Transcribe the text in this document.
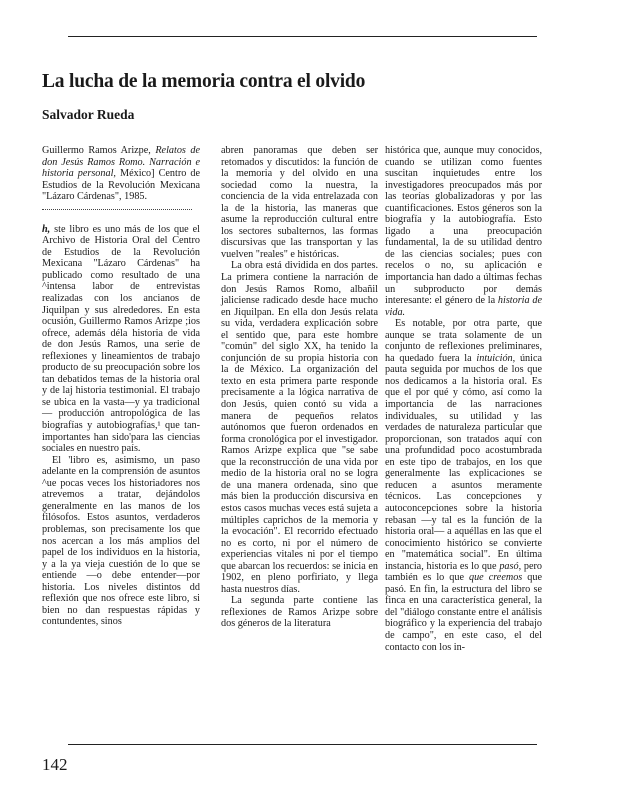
La lucha de la memoria contra el olvido
Salvador Rueda

Guillermo Ramos Arizpe, Relatos de don Jesús Ramos Romo. Narración e historia personal, México] Centro de Estudios de la Revolución Mexicana "Lázaro Cárdenas", 1985.

h, ste libro es uno más de los que el Archivo de Historia Oral del Centro de Estudios de la Revolución Mexicana "Lázaro Cárdenas" ha publicado como resultado de una ^intensa labor de entrevistas realizadas con los ancianos de Jiquilpan y sus alrededores. En esta ocusión, Guillermo Ramos Arizpe ;ios ofrece, además déla historia de vida de don Jesús Ramos, una serie de reflexiones y lineamientos de trabajo producto de su preocupación sobre los tan debatidos temas de la historia oral y de laj historia testimonial. El trabajo se ubica en la vasta—y ya tradicional— producción antropológica de las biografías y autobiografías,¹ que tan-importantes han sido'para las ciencias sociales en nuestro país.

El 'libro es, asimismo, un paso adelante en la comprensión de asuntos ^ue pocas veces los historiadores nos atrevemos a tratar, dejándolos generalmente en las manos de los filósofos. Estos asuntos, verdaderos problemas, son precisamente los que nos acercan a los más amplios del papel de los individuos en la historia, y a la ya vieja cuestión de lo que se entiende —o debe entender—por historia. Los niveles distintos dd reflexión que nos ofrece este libro, si bien no dan respuestas rápidas y contundentes, sinos

abren panoramas que deben ser retomados y discutidos: la función de la memoria y del olvido en una sociedad como la nuestra, la conciencia de la vida entrelazada con la de la historia, las maneras que asume la reproducción cultural entre los sectores subalternos, las formas discursivas que las transportan y las vuelven "reales" e históricas.

La obra está dividida en dos partes. La primera contiene la narración de don Jesús Ramos Romo, albañil jaliciense radicado desde hace mucho en Jiquilpan. En ella don Jesús relata su vida, verdadera explicación sobre el sentido que, para este hombre "común" del siglo XX, ha tenido la conjunción de su propia historia con la de México. La organización del texto en esta primera parte responde precisamente a la lógica narrativa de don Jesús, quien contó su vida a manera de pequeños relatos autónomos que fueron ordenados en forma cronológica por el investigador. Ramos Arizpe explica que "se sabe que la reconstrucción de una vida por medio de la historia oral no se logra de una manera ordenada, sino que más bien la producción discursiva en estos casos muchas veces está sujeta a múltiples caprichos de la memoria y la evocación". El recorrido efectuado no es corto, ni por el número de experiencias vitales ni por el tiempo que abarcan los recuerdos: se inicia en 1902, en pleno porfiriato, y llega hasta nuestros días.

La segunda parte contiene las reflexiones de Ramos Arizpe sobre dos géneros de la literatura

histórica que, aunque muy conocidos, cuando se utilizan como fuentes suscitan inquietudes entre los investigadores preocupados más por las teorías globalizadoras y por las cuantificaciones. Estos géneros son la biografía y la autobiografía. Esto ligado a una preocupación fundamental, la de su utilidad dentro de las ciencias sociales; pues con recelos o no, su aplicación e importancia han dado a últimas fechas un subproducto por demás interesante: el género de la historia de vida.

Es notable, por otra parte, que aunque se trata solamente de un conjunto de reflexiones preliminares, ha quedado fuera la intuición, única pauta seguida por muchos de los que nos dedicamos a la historia oral. Es que el por qué y cómo, así como la importancia de las narraciones individuales, su utilidad y las verdades de naturaleza particular que proporcionan, son tratados aquí con una profundidad poco acostumbrada en este tipo de trabajos, en los que generalmente las explicaciones se reducen a asuntos meramente técnicos. Las concepciones y autoconcepciones sobre la historia rebasan —y tal es la función de la historia oral— a aquéllas en las que el conocimiento histórico se convierte en "matemática social". En última instancia, historia es lo que pasó, pero también es lo que que creemos que pasó. En fin, la estructura del libro se finca en una característica general, la del "diálogo constante entre el análisis biográfico y la experiencia del trabajo de campo", en este caso, el del contacto con los in-

142
